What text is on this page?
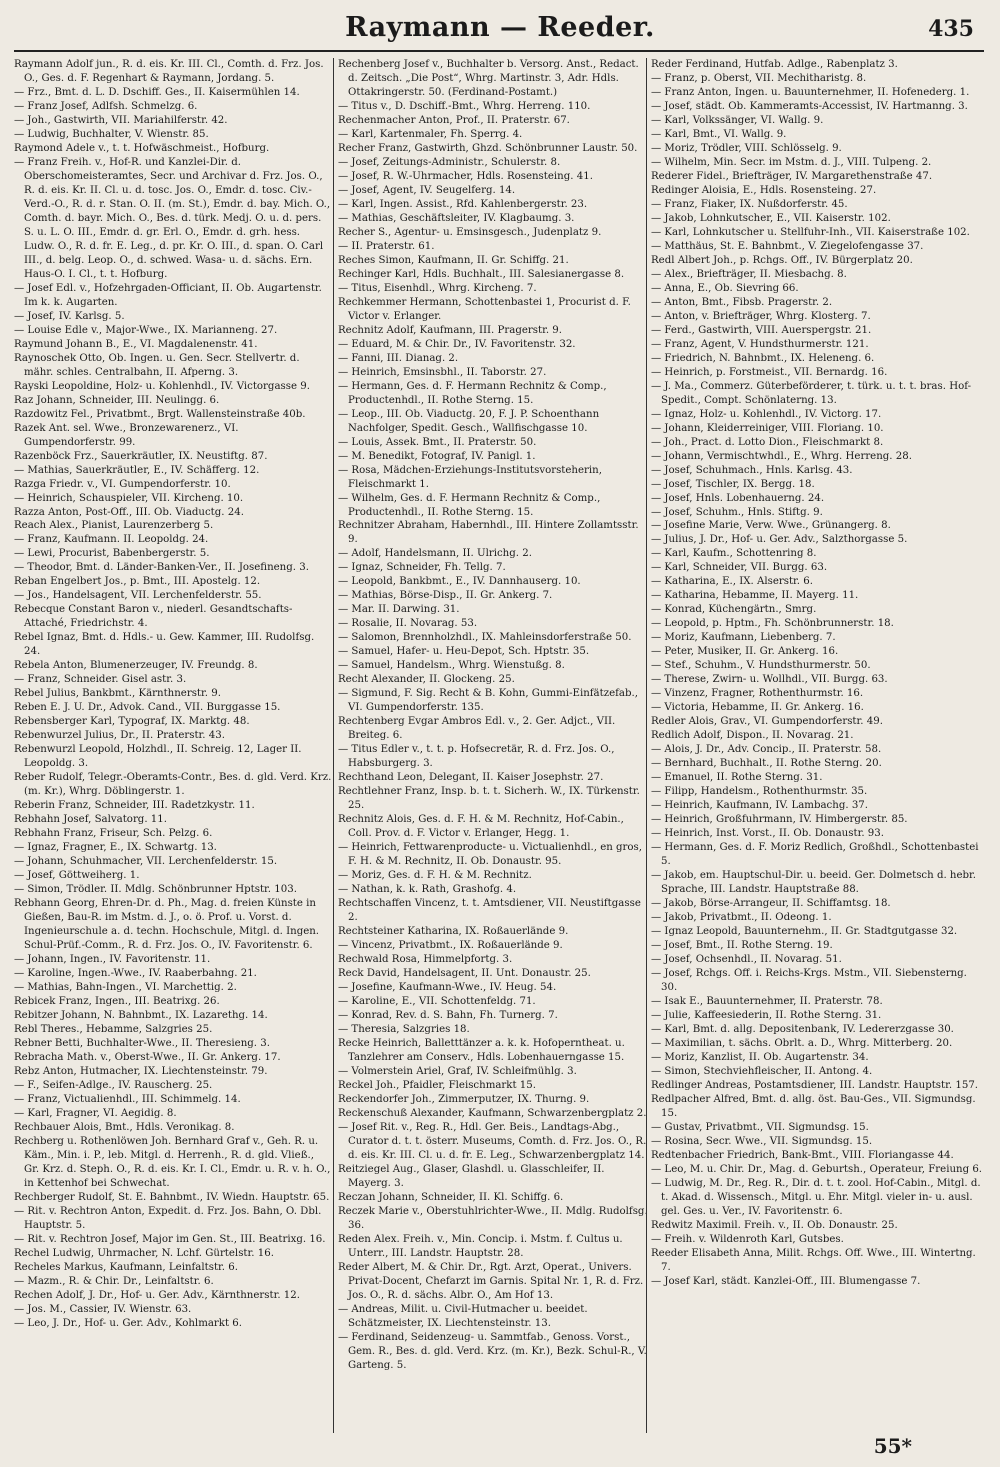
Raymann — Reeder.	435

Raymann Adolf jun., R. d. eis. Kr. III. Cl., Comth. d. Frz. Jos. O., Ges. d. F. Regenhart & Raymann, Jordang. 5.

— Frz., Bmt. d. L. D. Dschiff. Ges., II. Kaisermühlen 14.

— Franz Josef, Adlfsh. Schmelzg. 6.

— Joh., Gastwirth, VII. Mariahilferstr. 42.

— Ludwig, Buchhalter, V. Wienstr. 85.

Raymond Adele v., t. t. Hofwäschmeist., Hofburg.

— Franz Freih. v., Hof-R. und Kanzlei-Dir. d. Oberschomeisteramtes, Secr. und Archivar d. Frz. Jos. O., R. d. eis. Kr. II. Cl. u. d. tosc. Jos. O., Emdr. d. tosc. Civ.-Verd.-O., R. d. r. Stan. O. II. (m. St.), Emdr. d. bay. Mich. O., Comth. d. bayr. Mich. O., Bes. d. türk. Medj. O. u. d. pers. S. u. L. O. III., Emdr. d. gr. Erl. O., Emdr. d. grh. hess. Ludw. O., R. d. fr. E. Leg., d. pr. Kr. O. III., d. span. O. Carl III., d. belg. Leop. O., d. schwed. Wasa- u. d. sächs. Ern. Haus-O. I. Cl., t. t. Hofburg.

— Josef Edl. v., Hofzehrgaden-Officiant, II. Ob. Augartenstr. Im k. k. Augarten.

— Josef, IV. Karlsg. 5.

— Louise Edle v., Major-Wwe., IX. Marianneng. 27.

Raymund Johann B., E., VI. Magdalenenstr. 41.

Raynoschek Otto, Ob. Ingen. u. Gen. Secr. Stellvertr. d. mähr. schles. Centralbahn, II. Afperng. 3.

Rayski Leopoldine, Holz- u. Kohlenhdl., IV. Victorgasse 9.

Raz Johann, Schneider, III. Neulingg. 6.

Razdowitz Fel., Privatbmt., Brgt. Wallensteinstraße 40b.

Razek Ant. sel. Wwe., Bronzewarenerz., VI. Gumpendorferstr. 99.

Razenböck Frz., Sauerkräutler, IX. Neustiftg. 87.

— Mathias, Sauerkräutler, E., IV. Schäfferg. 12.

Razga Friedr. v., VI. Gumpendorferstr. 10.

— Heinrich, Schauspieler, VII. Kircheng. 10.

Razza Anton, Post-Off., III. Ob. Viaductg. 24.

Reach Alex., Pianist, Laurenzerberg 5.

— Franz, Kaufmann. II. Leopoldg. 24.

— Lewi, Procurist, Babenbergerstr. 5.

— Theodor, Bmt. d. Länder-Banken-Ver., II. Josefineng. 3.

Reban Engelbert Jos., p. Bmt., III. Apostelg. 12.

— Jos., Handelsagent, VII. Lerchenfelderstr. 55.

Rebecque Constant Baron v., niederl. Gesandtschafts-Attaché, Friedrichstr. 4.

Rebel Ignaz, Bmt. d. Hdls.- u. Gew. Kammer, III. Rudolfsg. 24.

Rebela Anton, Blumenerzeuger, IV. Freundg. 8.

— Franz, Schneider. Gisel astr. 3.

Rebel Julius, Bankbmt., Kärnthnerstr. 9.

Reben E. J. U. Dr., Advok. Cand., VII. Burggasse 15.

Rebensberger Karl, Typograf, IX. Marktg. 48.

Rebenwurzel Julius, Dr., II. Praterstr. 43.

Rebenwurzl Leopold, Holzhdl., II. Schreig. 12, Lager II. Leopoldg. 3.

Reber Rudolf, Telegr.-Oberamts-Contr., Bes. d. gld. Verd. Krz. (m. Kr.), Whrg. Döblingerstr. 1.

Reberin Franz, Schneider, III. Radetzkystr. 11.

Rebhahn Josef, Salvatorg. 11.

Rebhahn Franz, Friseur, Sch. Pelzg. 6.

— Ignaz, Fragner, E., IX. Schwartg. 13.

— Johann, Schuhmacher, VII. Lerchenfelderstr. 15.

— Josef, Göttweiherg. 1.

— Simon, Trödler. II. Mdlg. Schönbrunner Hptstr. 103.

Rebhann Georg, Ehren-Dr. d. Ph., Mag. d. freien Künste in Gießen, Bau-R. im Mstm. d. J., o. ö. Prof. u. Vorst. d. Ingenieurschule a. d. techn. Hochschule, Mitgl. d. Ingen. Schul-Prüf.-Comm., R. d. Frz. Jos. O., IV. Favoritenstr. 6.

— Johann, Ingen., IV. Favoritenstr. 11.

— Karoline, Ingen.-Wwe., IV. Raaberbahng. 21.

— Mathias, Bahn-Ingen., VI. Marchettig. 2.

Rebicek Franz, Ingen., III. Beatrixg. 26.

Rebitzer Johann, N. Bahnbmt., IX. Lazarethg. 14.

Rebl Theres., Hebamme, Salzgries 25.

Rebner Betti, Buchhalter-Wwe., II. Theresieng. 3.

Rebracha Math. v., Oberst-Wwe., II. Gr. Ankerg. 17.

Rebz Anton, Hutmacher, IX. Liechtensteinstr. 79.

— F., Seifen-Adlge., IV. Rauscherg. 25.

— Franz, Victualienhdl., III. Schimmelg. 14.

— Karl, Fragner, VI. Aegidig. 8.

Rechbauer Alois, Bmt., Hdls. Veronikag. 8.

Rechberg u. Rothenlöwen Joh. Bernhard Graf v., Geh. R. u. Käm., Min. i. P., leb. Mitgl. d. Herrenh., R. d. gld. Vließ., Gr. Krz. d. Steph. O., R. d. eis. Kr. I. Cl., Emdr. u. R. v. h. O., in Kettenhof bei Schwechat.

Rechberger Rudolf, St. E. Bahnbmt., IV. Wiedn. Hauptstr. 65.

— Rit. v. Rechtron Anton, Expedit. d. Frz. Jos. Bahn, O. Dbl. Hauptstr. 5.

— Rit. v. Rechtron Josef, Major im Gen. St., III. Beatrixg. 16.

Rechel Ludwig, Uhrmacher, N. Lchf. Gürtelstr. 16.

Recheles Markus, Kaufmann, Leinfaltstr. 6.

— Mazm., R. & Chir. Dr., Leinfaltstr. 6.

Rechen Adolf, J. Dr., Hof- u. Ger. Adv., Kärnthnerstr. 12.

— Jos. M., Cassier, IV. Wienstr. 63.

— Leo, J. Dr., Hof- u. Ger. Adv., Kohlmarkt 6.

Rechenberg Josef v., Buchhalter b. Versorg. Anst., Redact. d. Zeitsch. „Die Post“, Whrg. Martinstr. 3, Adr. Hdls. Ottakringerstr. 50. (Ferdinand-Postamt.)

— Titus v., D. Dschiff.-Bmt., Whrg. Herreng. 110.

Rechenmacher Anton, Prof., II. Praterstr. 67.

— Karl, Kartenmaler, Fh. Sperrg. 4.

Recher Franz, Gastwirth, Ghzd. Schönbrunner Laustr. 50.

— Josef, Zeitungs-Administr., Schulerstr. 8.

— Josef, R. W.-Uhrmacher, Hdls. Rosensteing. 41.

— Josef, Agent, IV. Seugelferg. 14.

— Karl, Ingen. Assist., Rfd. Kahlenbergerstr. 23.

— Mathias, Geschäftsleiter, IV. Klagbaumg. 3.

Recher S., Agentur- u. Emsinsgesch., Judenplatz 9.

— II. Praterstr. 61.

Reches Simon, Kaufmann, II. Gr. Schiffg. 21.

Rechinger Karl, Hdls. Buchhalt., III. Salesianergasse 8.

— Titus, Eisenhdl., Whrg. Kircheng. 7.

Rechkemmer Hermann, Schottenbastei 1, Procurist d. F. Victor v. Erlanger.

Rechnitz Adolf, Kaufmann, III. Pragerstr. 9.

— Eduard, M. & Chir. Dr., IV. Favoritenstr. 32.

— Fanni, III. Dianag. 2.

— Heinrich, Emsinsbhl., II. Taborstr. 27.

— Hermann, Ges. d. F. Hermann Rechnitz & Comp., Productenhdl., II. Rothe Sterng. 15.

— Leop., III. Ob. Viaductg. 20, F. J. P. Schoenthann Nachfolger, Spedit. Gesch., Wallfischgasse 10.

— Louis, Assek. Bmt., II. Praterstr. 50.

— M. Benedikt, Fotograf, IV. Panigl. 1.

— Rosa, Mädchen-Erziehungs-Institutsvorsteherin, Fleischmarkt 1.

— Wilhelm, Ges. d. F. Hermann Rechnitz & Comp., Productenhdl., II. Rothe Sterng. 15.

Rechnitzer Abraham, Habernhdl., III. Hintere Zollamtsstr. 9.

— Adolf, Handelsmann, II. Ulrichg. 2.

— Ignaz, Schneider, Fh. Tellg. 7.

— Leopold, Bankbmt., E., IV. Dannhauserg. 10.

— Mathias, Börse-Disp., II. Gr. Ankerg. 7.

— Mar. II. Darwing. 31.

— Rosalie, II. Novarag. 53.

— Salomon, Brennholzhdl., IX. Mahleinsdorferstraße 50.

— Samuel, Hafer- u. Heu-Depot, Sch. Hptstr. 35.

— Samuel, Handelsm., Whrg. Wienstußg. 8.

Recht Alexander, II. Glockeng. 25.

— Sigmund, F. Sig. Recht & B. Kohn, Gummi-Einfätzefab., VI. Gumpendorferstr. 135.

Rechtenberg Evgar Ambros Edl. v., 2. Ger. Adjct., VII. Breiteg. 6.

— Titus Edler v., t. t. p. Hofsecretär, R. d. Frz. Jos. O., Habsburgerg. 3.

Rechthand Leon, Delegant, II. Kaiser Josephstr. 27.

Rechtlehner Franz, Insp. b. t. t. Sicherh. W., IX. Türkenstr. 25.

Rechnitz Alois, Ges. d. F. H. & M. Rechnitz, Hof-Cabin., Coll. Prov. d. F. Victor v. Erlanger, Hegg. 1.

— Heinrich, Fettwarenproducte- u. Victualienhdl., en gros, F. H. & M. Rechnitz, II. Ob. Donaustr. 95.

— Moriz, Ges. d. F. H. & M. Rechnitz.

— Nathan, k. k. Rath, Grashofg. 4.

Rechtschaffen Vincenz, t. t. Amtsdiener, VII. Neustiftgasse 2.

Rechtsteiner Katharina, IX. Roßauerlände 9.

— Vincenz, Privatbmt., IX. Roßauerlände 9.

Rechwald Rosa, Himmelpfortg. 3.

Reck David, Handelsagent, II. Unt. Donaustr. 25.

— Josefine, Kaufmann-Wwe., IV. Heug. 54.

— Karoline, E., VII. Schottenfeldg. 71.

— Konrad, Rev. d. S. Bahn, Fh. Turnerg. 7.

— Theresia, Salzgries 18.

Recke Heinrich, Balletttänzer a. k. k. Hofoperntheat. u. Tanzlehrer am Conserv., Hdls. Lobenhauerngasse 15.

— Volmerstein Ariel, Graf, IV. Schleifmühlg. 3.

Reckel Joh., Pfaidler, Fleischmarkt 15.

Reckendorfer Joh., Zimmerputzer, IX. Thurng. 9.

Reckenschuß Alexander, Kaufmann, Schwarzenbergplatz 2.

— Josef Rit. v., Reg. R., Hdl. Ger. Beis., Landtags-Abg., Curator d. t. t. österr. Museums, Comth. d. Frz. Jos. O., R. d. eis. Kr. III. Cl. u. d. fr. E. Leg., Schwarzenbergplatz 14.

Reitziegel Aug., Glaser, Glashdl. u. Glasschleifer, II. Mayerg. 3.

Reczan Johann, Schneider, II. Kl. Schiffg. 6.

Reczek Marie v., Oberstuhlrichter-Wwe., II. Mdlg. Rudolfsg. 36.

Reden Alex. Freih. v., Min. Concip. i. Mstm. f. Cultus u. Unterr., III. Landstr. Hauptstr. 28.

Reder Albert, M. & Chir. Dr., Rgt. Arzt, Operat., Univers. Privat-Docent, Chefarzt im Garnis. Spital Nr. 1, R. d. Frz. Jos. O., R. d. sächs. Albr. O., Am Hof 13.

— Andreas, Milit. u. Civil-Hutmacher u. beeidet. Schätzmeister, IX. Liechtensteinstr. 13.

— Ferdinand, Seidenzeug- u. Sammtfab., Genoss. Vorst., Gem. R., Bes. d. gld. Verd. Krz. (m. Kr.), Bezk. Schul-R., V. Garteng. 5.

Reder Ferdinand, Hutfab. Adlge., Rabenplatz 3.

— Franz, p. Oberst, VII. Mechitharistg. 8.

— Franz Anton, Ingen. u. Bauunternehmer, II. Hofenederg. 1.

— Josef, städt. Ob. Kammeramts-Accessist, IV. Hartmanng. 3.

— Karl, Volkssänger, VI. Wallg. 9.

— Karl, Bmt., VI. Wallg. 9.

— Moriz, Trödler, VIII. Schlösselg. 9.

— Wilhelm, Min. Secr. im Mstm. d. J., VIII. Tulpeng. 2.

Rederer Fidel., Briefträger, IV. Margarethenstraße 47.

Redinger Aloisia, E., Hdls. Rosensteing. 27.

— Franz, Fiaker, IX. Nußdorferstr. 45.

— Jakob, Lohnkutscher, E., VII. Kaiserstr. 102.

— Karl, Lohnkutscher u. Stellfuhr-Inh., VII. Kaiserstraße 102.

— Matthäus, St. E. Bahnbmt., V. Ziegelofengasse 37.

Redl Albert Joh., p. Rchgs. Off., IV. Bürgerplatz 20.

— Alex., Briefträger, II. Miesbachg. 8.

— Anna, E., Ob. Sievring 66.

— Anton, Bmt., Fibsb. Pragerstr. 2.

— Anton, v. Briefträger, Whrg. Klosterg. 7.

— Ferd., Gastwirth, VIII. Auerspergstr. 21.

— Franz, Agent, V. Hundsthurmerstr. 121.

— Friedrich, N. Bahnbmt., IX. Heleneng. 6.

— Heinrich, p. Forstmeist., VII. Bernardg. 16.

— J. Ma., Commerz. Güterbeförderer, t. türk. u. t. t. bras. Hof-Spedit., Compt. Schönlaterng. 13.

— Ignaz, Holz- u. Kohlenhdl., IV. Victorg. 17.

— Johann, Kleiderreiniger, VIII. Floriang. 10.

— Joh., Pract. d. Lotto Dion., Fleischmarkt 8.

— Johann, Vermischtwhdl., E., Whrg. Herreng. 28.

— Josef, Schuhmach., Hnls. Karlsg. 43.

— Josef, Tischler, IX. Bergg. 18.

— Josef, Hnls. Lobenhauerng. 24.

— Josef, Schuhm., Hnls. Stiftg. 9.

— Josefine Marie, Verw. Wwe., Grünangerg. 8.

— Julius, J. Dr., Hof- u. Ger. Adv., Salzthorgasse 5.

— Karl, Kaufm., Schottenring 8.

— Karl, Schneider, VII. Burgg. 63.

— Katharina, E., IX. Alserstr. 6.

— Katharina, Hebamme, II. Mayerg. 11.

— Konrad, Küchengärtn., Smrg.

— Leopold, p. Hptm., Fh. Schönbrunnerstr. 18.

— Moriz, Kaufmann, Liebenberg. 7.

— Peter, Musiker, II. Gr. Ankerg. 16.

— Stef., Schuhm., V. Hundsthurmerstr. 50.

— Therese, Zwirn- u. Wollhdl., VII. Burgg. 63.

— Vinzenz, Fragner, Rothenthurmstr. 16.

— Victoria, Hebamme, II. Gr. Ankerg. 16.

Redler Alois, Grav., VI. Gumpendorferstr. 49.

Redlich Adolf, Dispon., II. Novarag. 21.

— Alois, J. Dr., Adv. Concip., II. Praterstr. 58.

— Bernhard, Buchhalt., II. Rothe Sterng. 20.

— Emanuel, II. Rothe Sterng. 31.

— Filipp, Handelsm., Rothenthurmstr. 35.

— Heinrich, Kaufmann, IV. Lambachg. 37.

— Heinrich, Großfuhrmann, IV. Himbergerstr. 85.

— Heinrich, Inst. Vorst., II. Ob. Donaustr. 93.

— Hermann, Ges. d. F. Moriz Redlich, Großhdl., Schottenbastei 5.

— Jakob, em. Hauptschul-Dir. u. beeid. Ger. Dolmetsch d. hebr. Sprache, III. Landstr. Hauptstraße 88.

— Jakob, Börse-Arrangeur, II. Schiffamtsg. 18.

— Jakob, Privatbmt., II. Odeong. 1.

— Ignaz Leopold, Bauunternehm., II. Gr. Stadtgutgasse 32.

— Josef, Bmt., II. Rothe Sterng. 19.

— Josef, Ochsenhdl., II. Novarag. 51.

— Josef, Rchgs. Off. i. Reichs-Krgs. Mstm., VII. Siebensterng. 30.

— Isak E., Bauunternehmer, II. Praterstr. 78.

— Julie, Kaffeesiederin, II. Rothe Sterng. 31.

— Karl, Bmt. d. allg. Depositenbank, IV. Ledererzgasse 30.

— Maximilian, t. sächs. Obrlt. a. D., Whrg. Mitterberg. 20.

— Moriz, Kanzlist, II. Ob. Augartenstr. 34.

— Simon, Stechviehfleischer, II. Antong. 4.

Redlinger Andreas, Postamtsdiener, III. Landstr. Hauptstr. 157.

Redlpacher Alfred, Bmt. d. allg. öst. Bau-Ges., VII. Sigmundsg. 15.

— Gustav, Privatbmt., VII. Sigmundsg. 15.

— Rosina, Secr. Wwe., VII. Sigmundsg. 15.

Redtenbacher Friedrich, Bank-Bmt., VIII. Floriangasse 44.

— Leo, M. u. Chir. Dr., Mag. d. Geburtsh., Operateur, Freiung 6.

— Ludwig, M. Dr., Reg. R., Dir. d. t. t. zool. Hof-Cabin., Mitgl. d. t. Akad. d. Wissensch., Mitgl. u. Ehr. Mitgl. vieler in- u. ausl. gel. Ges. u. Ver., IV. Favoritenstr. 6.

Redwitz Maximil. Freih. v., II. Ob. Donaustr. 25.

— Freih. v. Wildenroth Karl, Gutsbes.

Reeder Elisabeth Anna, Milit. Rchgs. Off. Wwe., III. Wintertng. 7.

— Josef Karl, städt. Kanzlei-Off., III. Blumengasse 7.

55*
